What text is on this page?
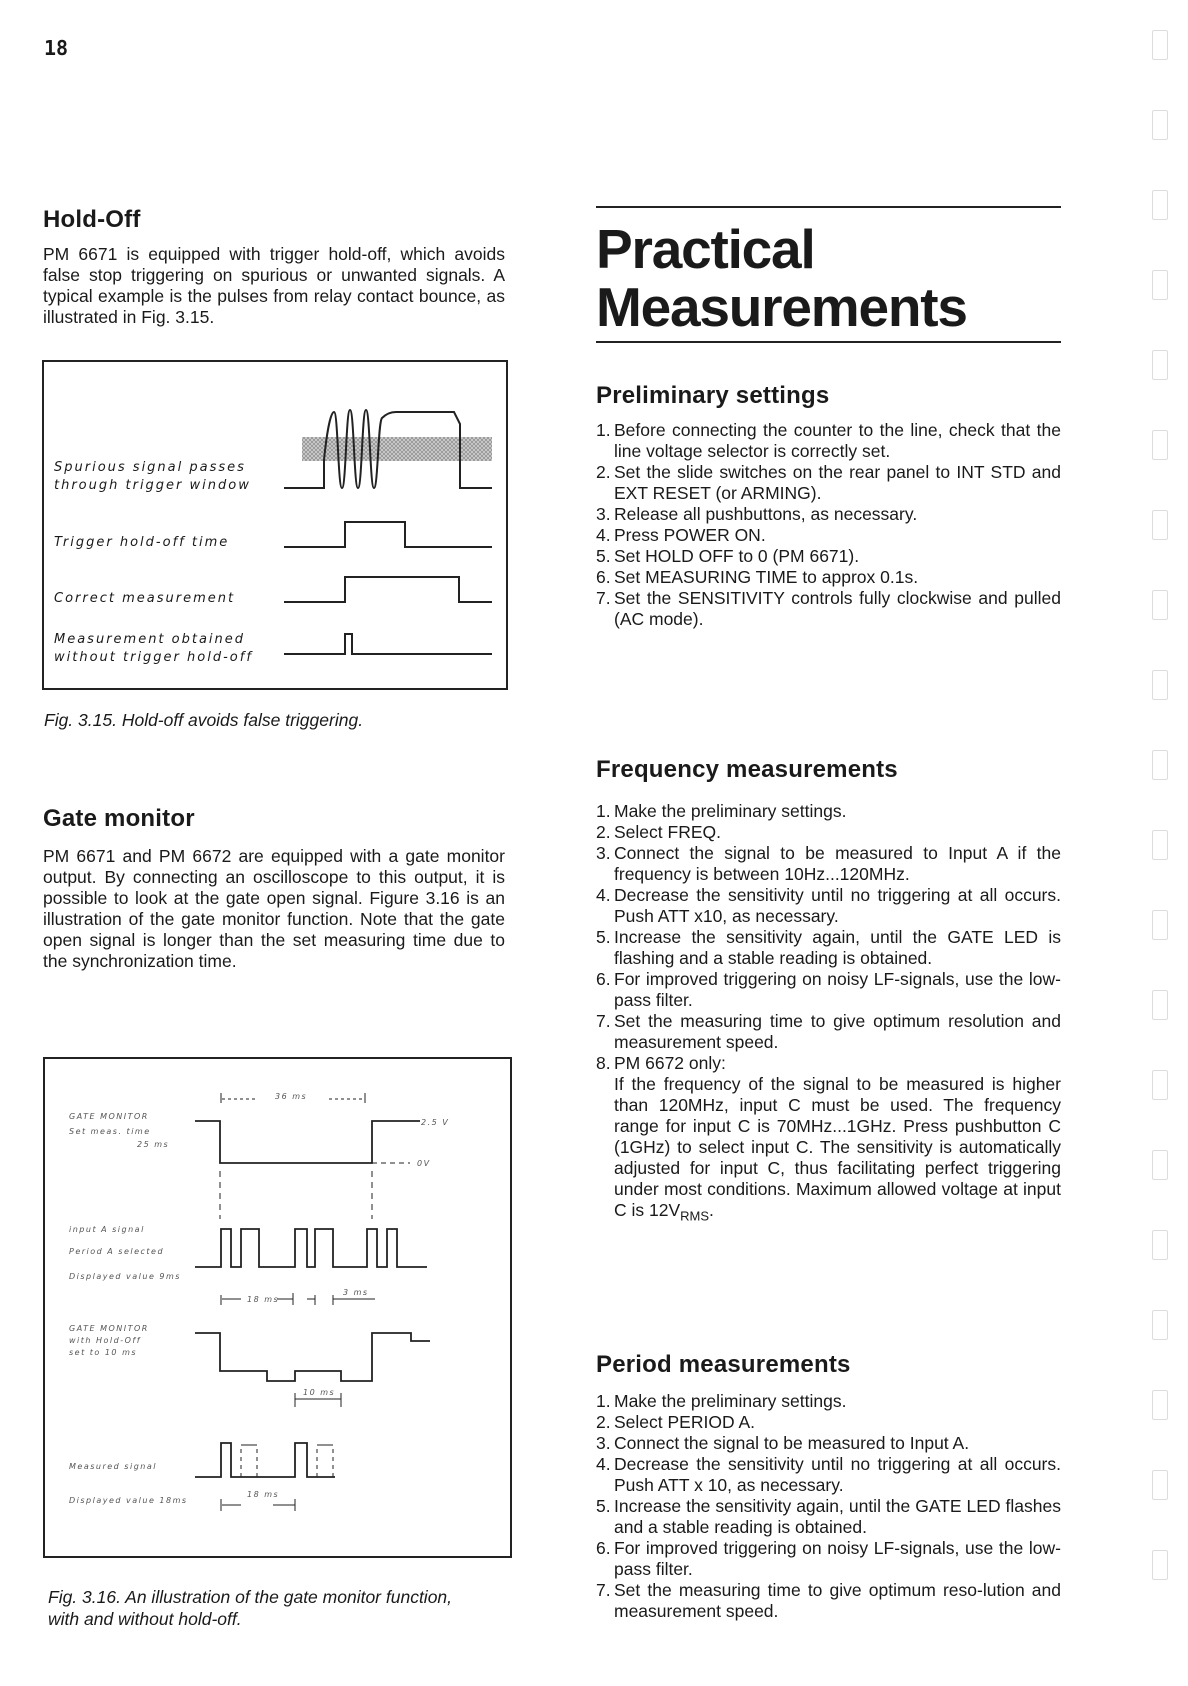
18
Hold-Off

PM 6671 is equipped with trigger hold-off, which avoids false stop triggering on spurious or unwanted signals. A typical example is the pulses from relay contact bounce, as illustrated in Fig. 3.15.

Spurious signal passes
through trigger window
Trigger hold-off time
Correct measurement
Measurement obtained
without trigger hold-off
Fig. 3.15. Hold-off avoids false triggering.
Gate monitor

PM 6671 and PM 6672 are equipped with a gate monitor output. By connecting an oscilloscope to this output, it is possible to look at the gate open signal. Figure 3.16 is an illustration of the gate monitor function. Note that the gate open signal is longer than the set measuring time due to the synchronization time.

36 ms
2.5 V
0V
GATE MONITOR
Set meas. time
25 ms
input A signal
Period A selected
Displayed value 9ms
18 ms
3 ms
GATE MONITOR
with Hold-Off
set to 10 ms
10 ms
Measured signal
Displayed value 18ms
18 ms
Fig. 3.16. An illustration of the gate monitor function,
with and without hold-off.
Practical
Measurements
Preliminary settings
1. Before connecting the counter to the line, check that the line voltage selector is correctly set.
2. Set the slide switches on the rear panel to INT STD and EXT RESET (or ARMING).
3. Release all pushbuttons, as necessary.
4. Press POWER ON.
5. Set HOLD OFF to 0 (PM 6671).
6. Set MEASURING TIME to approx 0.1s.
7. Set the SENSITIVITY controls fully clockwise and pulled (AC mode).
Frequency measurements
1. Make the preliminary settings.
2. Select FREQ.
3. Connect the signal to be measured to Input A if the frequency is between 10Hz...120MHz.
4. Decrease the sensitivity until no triggering at all occurs. Push ATT x10, as necessary.
5. Increase the sensitivity again, until the GATE LED is flashing and a stable reading is obtained.
6. For improved triggering on noisy LF-signals, use the low-pass filter.
7. Set the measuring time to give optimum resolution and measurement speed.
8. PM 6672 only:
If the frequency of the signal to be measured is higher than 120MHz, input C must be used. The frequency range for input C is 70MHz...1GHz. Press pushbutton C (1GHz) to select input C. The sensitivity is automatically adjusted for input C, thus facilitating perfect triggering under most conditions. Maximum allowed voltage at input C is $12V_{RMS}$.
Period measurements
1. Make the preliminary settings.
2. Select PERIOD A.
3. Connect the signal to be measured to Input A.
4. Decrease the sensitivity until no triggering at all occurs. Push ATT x 10, as necessary.
5. Increase the sensitivity again, until the GATE LED flashes and a stable reading is obtained.
6. For improved triggering on noisy LF-signals, use the low-pass filter.
7. Set the measuring time to give optimum reso-lution and measurement speed.
